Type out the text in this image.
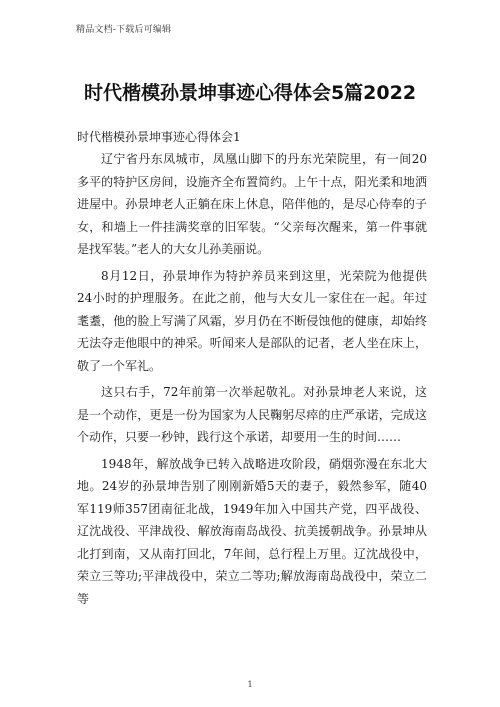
精品文档-下载后可编辑
时代楷模孙景坤事迹心得体会5篇2022
时代楷模孙景坤事迹心得体会1

辽宁省丹东凤城市，凤凰山脚下的丹东光荣院里，有一间20多平的特护区房间，设施齐全布置简约。上午十点，阳光柔和地洒进屋中。孙景坤老人正躺在床上休息，陪伴他的，是尽心侍奉的子女，和墙上一件挂满奖章的旧军装。“父亲每次醒来，第一件事就是找军装。”老人的大女儿孙美丽说。

8月12日，孙景坤作为特护养员来到这里，光荣院为他提供24小时的护理服务。在此之前，他与大女儿一家住在一起。年过耄耋，他的脸上写满了风霜，岁月仍在不断侵蚀他的健康，却始终无法夺走他眼中的神采。听闻来人是部队的记者，老人坐在床上，敬了一个军礼。

这只右手，72年前第一次举起敬礼。对孙景坤老人来说，这是一个动作，更是一份为国家为人民鞠躬尽瘁的庄严承诺，完成这个动作，只要一秒钟，践行这个承诺，却要用一生的时间……

1948年，解放战争已转入战略进攻阶段，硝烟弥漫在东北大地。24岁的孙景坤告别了刚刚新婚5天的妻子，毅然参军，随40军119师357团南征北战，1949年加入中国共产党，四平战役、辽沈战役、平津战役、解放海南岛战役、抗美援朝战争。孙景坤从北打到南，又从南打回北，7年间，总行程上万里。辽沈战役中，荣立三等功;平津战役中，荣立二等功;解放海南岛战役中，荣立二等

1
